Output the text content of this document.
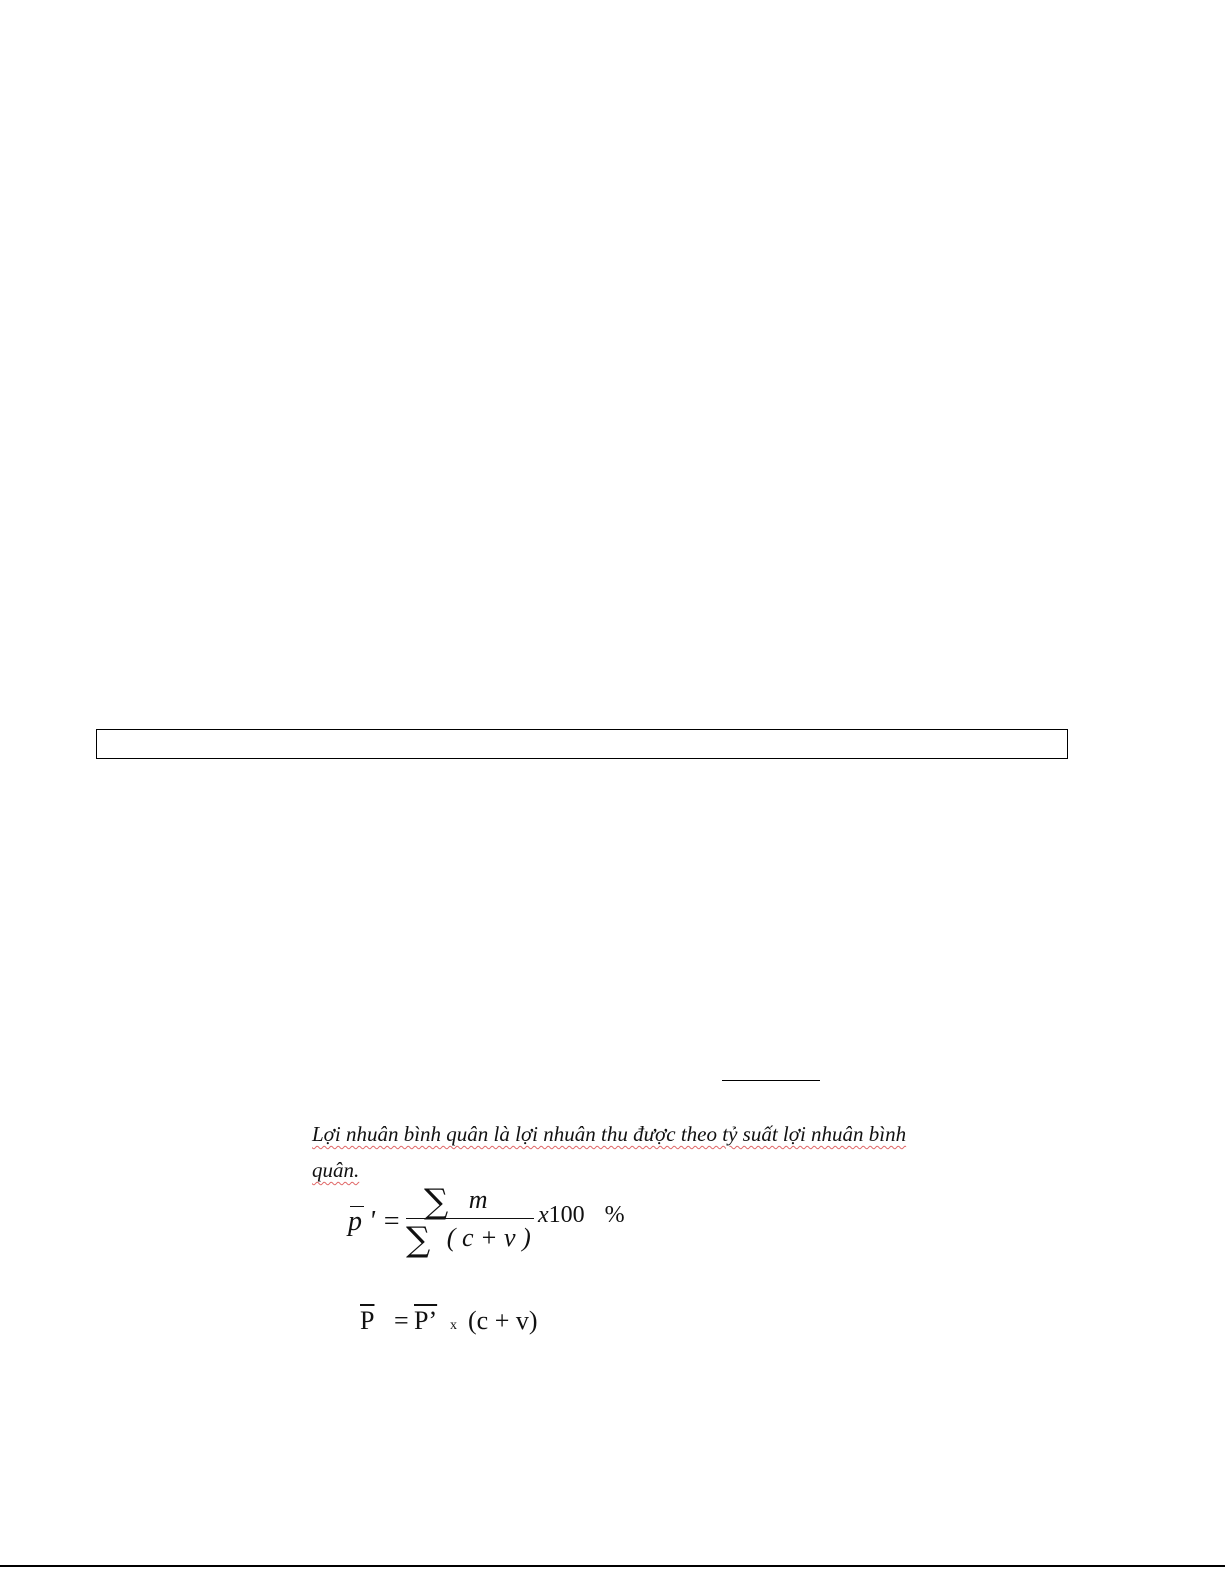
Lợi nhuân bình quân là lợi nhuân thu được theo tỷ suất lợi nhuân bình
quân.
p ' = ∑ m
∑ ( c + v )
x100 %
$\overline{P} = P$’ x (c + v)
